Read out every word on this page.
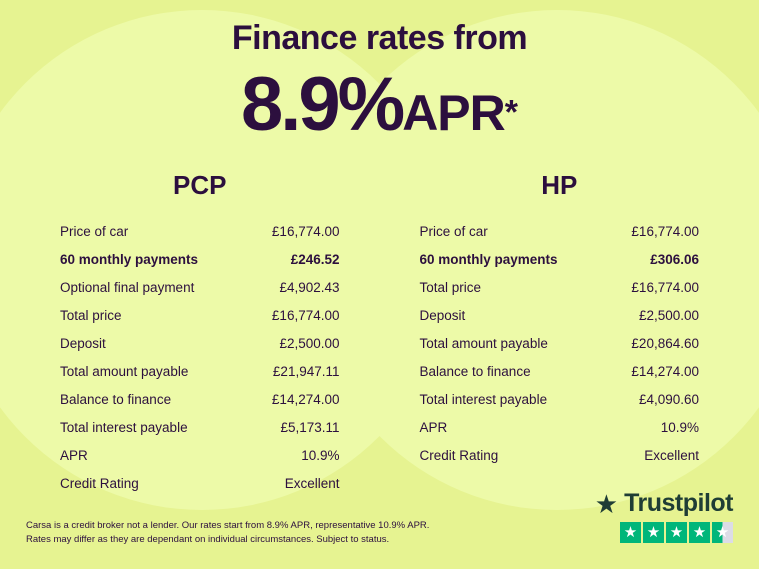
Finance rates from
8.9%APR*
PCP
Price of car	£16,774.00
60 monthly payments	£246.52
Optional final payment	£4,902.43
Total price	£16,774.00
Deposit	£2,500.00
Total amount payable	£21,947.11
Balance to finance	£14,274.00
Total interest payable	£5,173.11
APR	10.9%
Credit Rating	Excellent
HP
Price of car	£16,774.00
60 monthly payments	£306.06
Total price	£16,774.00
Deposit	£2,500.00
Total amount payable	£20,864.60
Balance to finance	£14,274.00
Total interest payable	£4,090.60
APR	10.9%
Credit Rating	Excellent
Carsa is a credit broker not a lender. Our rates start from 8.9% APR, representative 10.9% APR.
Rates may differ as they are dependant on individual circumstances. Subject to status.
★ Trustpilot
★ ★ ★ ★ ★
